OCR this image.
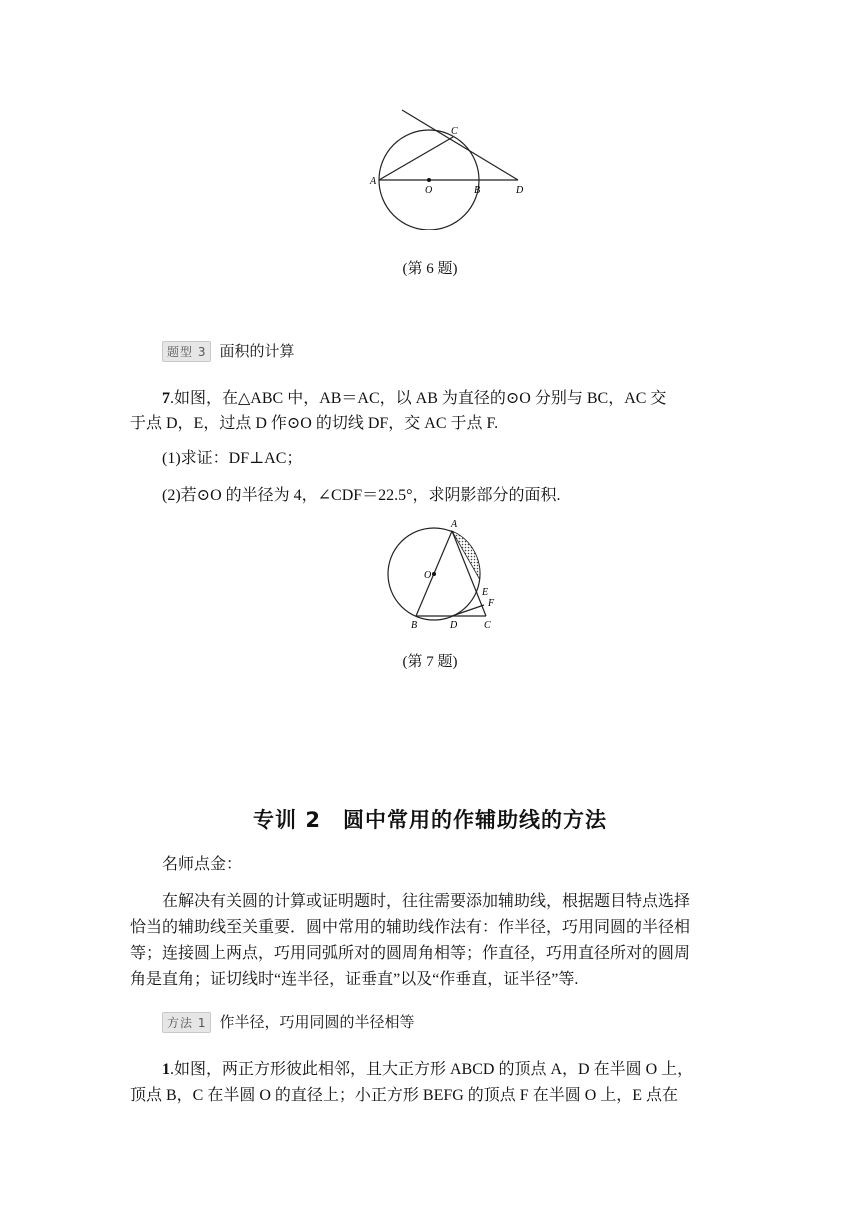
A
O	B
C
D
(第 6 题)
题型 3 面积的计算
7.如图，在△ABC 中，AB＝AC，以 AB 为直径的⊙O 分别与 BC，AC 交
于点 D，E，过点 D 作⊙O 的切线 DF，交 AC 于点 F.
(1)求证：DF⊥AC；
(2)若⊙O 的半径为 4，∠CDF＝22.5°，求阴影部分的面积.
A
O
E
F
B	D	C
(第 7 题)
专训 2　圆中常用的作辅助线的方法
名师点金：
在解决有关圆的计算或证明题时，往往需要添加辅助线，根据题目特点选择
恰当的辅助线至关重要．圆中常用的辅助线作法有：作半径，巧用同圆的半径相
等；连接圆上两点，巧用同弧所对的圆周角相等；作直径，巧用直径所对的圆周
角是直角；证切线时“连半径，证垂直”以及“作垂直，证半径”等.
方法 1 作半径，巧用同圆的半径相等
1.如图，两正方形彼此相邻，且大正方形 ABCD 的顶点 A，D 在半圆 O 上，
顶点 B，C 在半圆 O 的直径上；小正方形 BEFG 的顶点 F 在半圆 O 上，E 点在
